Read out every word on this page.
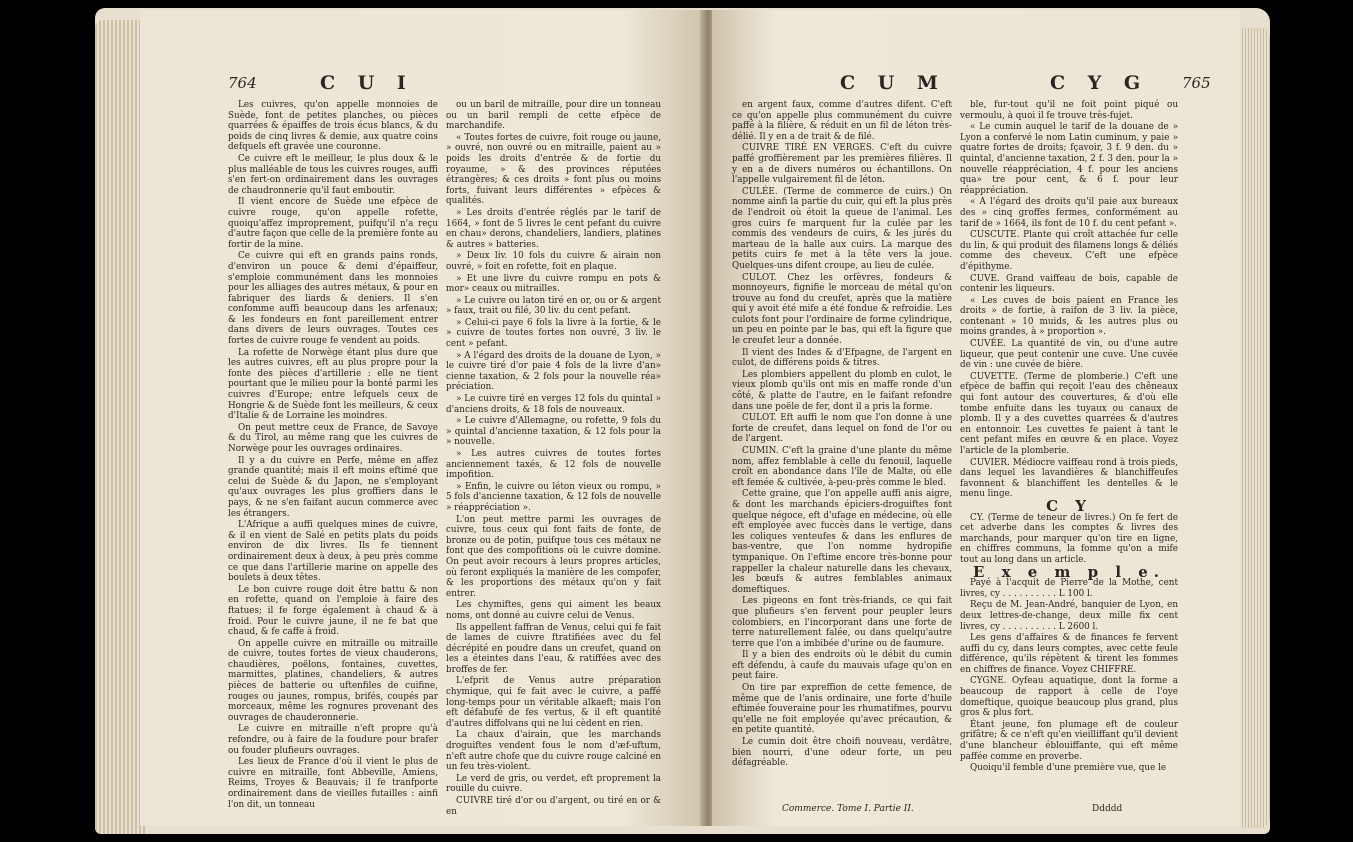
764	C U I

Les cuivres, qu'on appelle monnoies de Suède, font de petites planches, ou pièces quarrées & épaiffes de trois écus blancs, & du poids de cinq livres & demie, aux quatre coins defquels eft gravée une couronne.

Ce cuivre eft le meilleur, le plus doux & le plus malléable de tous les cuivres rouges, auffi s'en fert-on ordinairement dans les ouvrages de chaudronnerie qu'il faut emboutir.

Il vient encore de Suède une efpèce de cuivre rouge, qu'on appelle rofette, quoiqu'affez improprement, puifqu'il n'a reçu d'autre façon que celle de la première fonte au fortir de la mine.

Ce cuivre qui eft en grands pains ronds, d'environ un pouce & demi d'épaiffeur, s'emploie communément dans les monnoies pour les alliages des autres métaux, & pour en fabriquer des liards & deniers. Il s'en confomme auffi beaucoup dans les arfenaux; & les fondeurs en font pareillement entrer dans divers de leurs ouvrages. Toutes ces fortes de cuivre rouge fe vendent au poids.

La rofette de Norwège étant plus dure que les autres cuivres, eft au plus propre pour la fonte des pièces d'artillerie : elle ne tient pourtant que le milieu pour la bonté parmi les cuivres d'Europe; entre lefquels ceux de Hongrie & de Suède font les meilleurs, & ceux d'Italie & de Lorraine les moindres.

On peut mettre ceux de France, de Savoye & du Tirol, au même rang que les cuivres de Norwège pour les ouvrages ordinaires.

Il y a du cuivre en Perfe, même en affez grande quantité; mais il eft moins eftimé que celui de Suède & du Japon, ne s'employant qu'aux ouvrages les plus groffiers dans le pays, & ne s'en faifant aucun commerce avec les étrangers.

L'Afrique a auffi quelques mines de cuivre, & il en vient de Salé en petits plats du poids environ de dix livres. Ils fe tiennent ordinairement deux à deux, à peu près comme ce que dans l'artillerie marine on appelle des boulets à deux têtes.

Le bon cuivre rouge doit être battu & non en rofette, quand on l'emploie à faire des ftatues; il fe forge également à chaud & à froid. Pour le cuivre jaune, il ne fe bat que chaud, & fe caffe à froid.

On appelle cuivre en mitraille ou mitraille de cuivre, toutes fortes de vieux chauderons, chaudières, poëlons, fontaines, cuvettes, marmittes, platines, chandeliers, & autres pièces de batterie ou uftenfiles de cuifine, rouges ou jaunes, rompus, brifés, coupés par morceaux, même les rognures provenant des ouvrages de chauderonnerie.

Le cuivre en mitraille n'eft propre qu'à refondre, ou à faire de la foudure pour brafer ou fouder plufieurs ouvrages.

Les lieux de France d'où il vient le plus de cuivre en mitraille, font Abbeville, Amiens, Reims, Troyes & Beauvais; il fe tranfporte ordinairement dans de vieilles futailles : ainfi l'on dit, un tonneau

ou un baril de mitraille, pour dire un tonneau ou un baril rempli de cette efpèce de marchandife.

« Toutes fortes de cuivre, foit rouge ou jaune, » ouvré, non ouvré ou en mitraille, paient au » poids les droits d'entrée & de fortie du royaume, » & des provinces réputées étrangères; & ces droits » font plus ou moins forts, fuivant leurs différentes » efpèces & qualités.

» Les droits d'entrée réglés par le tarif de 1664, » font de 5 livres le cent pefant du cuivre en chau» derons, chandeliers, landiers, platines & autres » batteries.

» Deux liv. 10 fols du cuivre & airain non ouvré, » foit en rofette, foit en plaque.

» Et une livre du cuivre rompu en pots & mor» ceaux ou mitrailles.

» Le cuivre ou laton tiré en or, ou or & argent » faux, trait ou filé, 30 liv. du cent pefant.

» Celui-ci paye 6 fols la livre à la fortie, & le » cuivre de toutes fortes non ouvré, 3 liv. le cent » pefant.

» A l'égard des droits de la douane de Lyon, » le cuivre tiré d'or paie 4 fols de la livre d'an» cienne taxation, & 2 fols pour la nouvelle réa» préciation.

» Le cuivre tiré en verges 12 fols du quintal » d'anciens droits, & 18 fols de nouveaux.

» Le cuivre d'Allemagne, ou rofette, 9 fols du » quintal d'ancienne taxation, & 12 fols pour la » nouvelle.

» Les autres cuivres de toutes fortes anciennement taxés, & 12 fols de nouvelle impofition.

» Enfin, le cuivre ou léton vieux ou rompu, » 5 fols d'ancienne taxation, & 12 fols de nouvelle » réappréciation ».

L'on peut mettre parmi les ouvrages de cuivre, tous ceux qui font faits de fonte, de bronze ou de potin, puifque tous ces métaux ne font que des compofitions où le cuivre domine. On peut avoir recours à leurs propres articles, où feront expliqués la manière de les compofer, & les proportions des métaux qu'on y fait entrer.

Les chymiftes, gens qui aiment les beaux noms, ont donné au cuivre celui de Venus.

Ils appellent faffran de Venus, celui qui fe fait de lames de cuivre ftratifiées avec du fel décrépité en poudre dans un creufet, quand on les a éteintes dans l'eau, & ratiffées avec des broffes de fer.

L'efprit de Venus autre préparation chymique, qui fe fait avec le cuivre, a paffé long-temps pour un véritable alkaeft; mais l'on eft défabufé de fes vertus, & il eft quantité d'autres diffolvans qui ne lui cèdent en rien.

La chaux d'airain, que les marchands droguiftes vendent fous le nom d'æf-uftum, n'eft autre chofe que du cuivre rouge calciné en un feu très-violent.

Le verd de gris, ou verdet, eft proprement la rouille du cuivre.

CUIVRE tiré d'or ou d'argent, ou tiré en or & en

C U M	C Y G 765

en argent faux, comme d'autres difent. C'eft ce qu'on appelle plus communément du cuivre paffé à la filière, & réduit en un fil de léton très-délié. Il y en a de trait & de filé.

CUIVRE TIRÉ EN VERGES. C'eft du cuivre paffé groffièrement par les premières filières. Il y en a de divers numéros ou échantillons. On l'appelle vulgairement fil de léton.

CULÉE. (Terme de commerce de cuirs.) On nomme ainfi la partie du cuir, qui eft la plus près de l'endroit où étoit la queue de l'animal. Les gros cuirs fe marquent fur la culée par les commis des vendeurs de cuirs, & les jurés du marteau de la halle aux cuirs. La marque des petits cuirs fe met à la tête vers la joue. Quelques-uns difent croupe, au lieu de culée.

CULOT. Chez les orfèvres, fondeurs & monnoyeurs, fignifie le morceau de métal qu'on trouve au fond du creufet, après que la matière qui y avoit été mife a été fondue & refroidie. Les culots font pour l'ordinaire de forme cylindrique, un peu en pointe par le bas, qui eft la figure que le creufet leur a donnée.

Il vient des Indes & d'Efpagne, de l'argent en culot, de différens poids & titres.

Les plombiers appellent du plomb en culot, le vieux plomb qu'ils ont mis en maffe ronde d'un côté, & platte de l'autre, en le faifant refondre dans une poële de fer, dont il a pris la forme.

CULOT. Eft auffi le nom que l'on donne à une forte de creufet, dans lequel on fond de l'or ou de l'argent.

CUMIN. C'eft la graine d'une plante du même nom, affez femblable à celle du fenouil, laquelle croît en abondance dans l'île de Malte, où elle eft femée & cultivée, à-peu-près comme le bled.

Cette graine, que l'on appelle auffi anis aigre, & dont les marchands épiciers-droguiftes font quelque négoce, eft d'ufage en médecine, où elle eft employée avec fuccès dans le vertige, dans les coliques venteufes & dans les enflures de bas-ventre, que l'on nomme hydropifie tympanique. On l'eftime encore très-bonne pour rappeller la chaleur naturelle dans les chevaux, les bœufs & autres femblables animaux domeftiques.

Les pigeons en font très-friands, ce qui fait que plufieurs s'en fervent pour peupler leurs colombiers, en l'incorporant dans une forte de terre naturellement falée, ou dans quelqu'autre terre que l'on a imbibée d'urine ou de faumure.

Il y a bien des endroits où le débit du cumin eft défendu, à caufe du mauvais ufage qu'on en peut faire.

On tire par expreffion de cette femence, de même que de l'anis ordinaire, une forte d'huile eftimée fouveraine pour les rhumatifmes, pourvu qu'elle ne foit employée qu'avec précaution, & en petite quantité.

Le cumin doit être choifi nouveau, verdâtre, bien nourri, d'une odeur forte, un peu défagréable.

ble, fur-tout qu'il ne foit point piqué ou vermoulu, à quoi il fe trouve très-fujet.

« Le cumin auquel le tarif de la douane de » Lyon a confervé le nom Latin cuminum, y paie » quatre fortes de droits; fçavoir, 3 f. 9 den. du » quintal, d'ancienne taxation, 2 f. 3 den. pour la » nouvelle réappréciation, 4 f. pour les anciens qua» tre pour cent, & 6 f. pour leur réappréciation.

« A l'égard des droits qu'il paie aux bureaux des » cinq groffes fermes, conformément au tarif de » 1664, ils font de 10 f. du cent pefant ».

CUSCUTE. Plante qui croît attachée fur celle du lin, & qui produit des filamens longs & déliés comme des cheveux. C'eft une efpèce d'épithyme.

CUVE. Grand vaiffeau de bois, capable de contenir les liqueurs.

« Les cuves de bois paient en France les droits » de fortie, à raifon de 3 liv. la pièce, contenant » 10 muids, & les autres plus ou moins grandes, à » proportion ».

CUVÉE. La quantité de vin, ou d'une autre liqueur, que peut contenir une cuve. Une cuvée de vin : une cuvée de bière.

CUVETTE. (Terme de plomberie.) C'eft une efpèce de baffin qui reçoit l'eau des chêneaux qui font autour des couvertures, & d'où elle tombe enfuite dans les tuyaux ou canaux de plomb. Il y a des cuvettes quarrées & d'autres en entonnoir. Les cuvettes fe paient à tant le cent pefant mifes en œuvre & en place. Voyez l'article de la plomberie.

CUVIER. Médiocre vaiffeau rond à trois pieds, dans lequel les lavandières & blanchiffeufes favonnent & blanchiffent les dentelles & le menu linge.

C Y

CY. (Terme de teneur de livres.) On fe fert de cet adverbe dans les comptes & livres des marchands, pour marquer qu'on tire en ligne, en chiffres communs, la fomme qu'on a mife tout au long dans un article.

E x e m p l e.

Payé à l'acquit de Pierre de la Mothe, cent livres, cy . . . . . . . . . . L 100 l.

Reçu de M. Jean-André, banquier de Lyon, en deux lettres-de-change, deux mille fix cent livres, cy . . . . . . . . . . L 2600 l.

Les gens d'affaires & de finances fe fervent auffi du cy, dans leurs comptes, avec cette feule différence, qu'ils répètent & tirent les fommes en chiffres de finance. Voyez CHIFFRE.

CYGNE. Oyfeau aquatique, dont la forme a beaucoup de rapport à celle de l'oye domeftique, quoique beaucoup plus grand, plus gros & plus fort.

Étant jeune, fon plumage eft de couleur grifâtre; & ce n'eft qu'en vieilliffant qu'il devient d'une blancheur éblouiffante, qui eft même paffée comme en proverbe.

Quoiqu'il femble d'une première vue, que le

Commerce. Tome I. Partie II.	Ddddd
